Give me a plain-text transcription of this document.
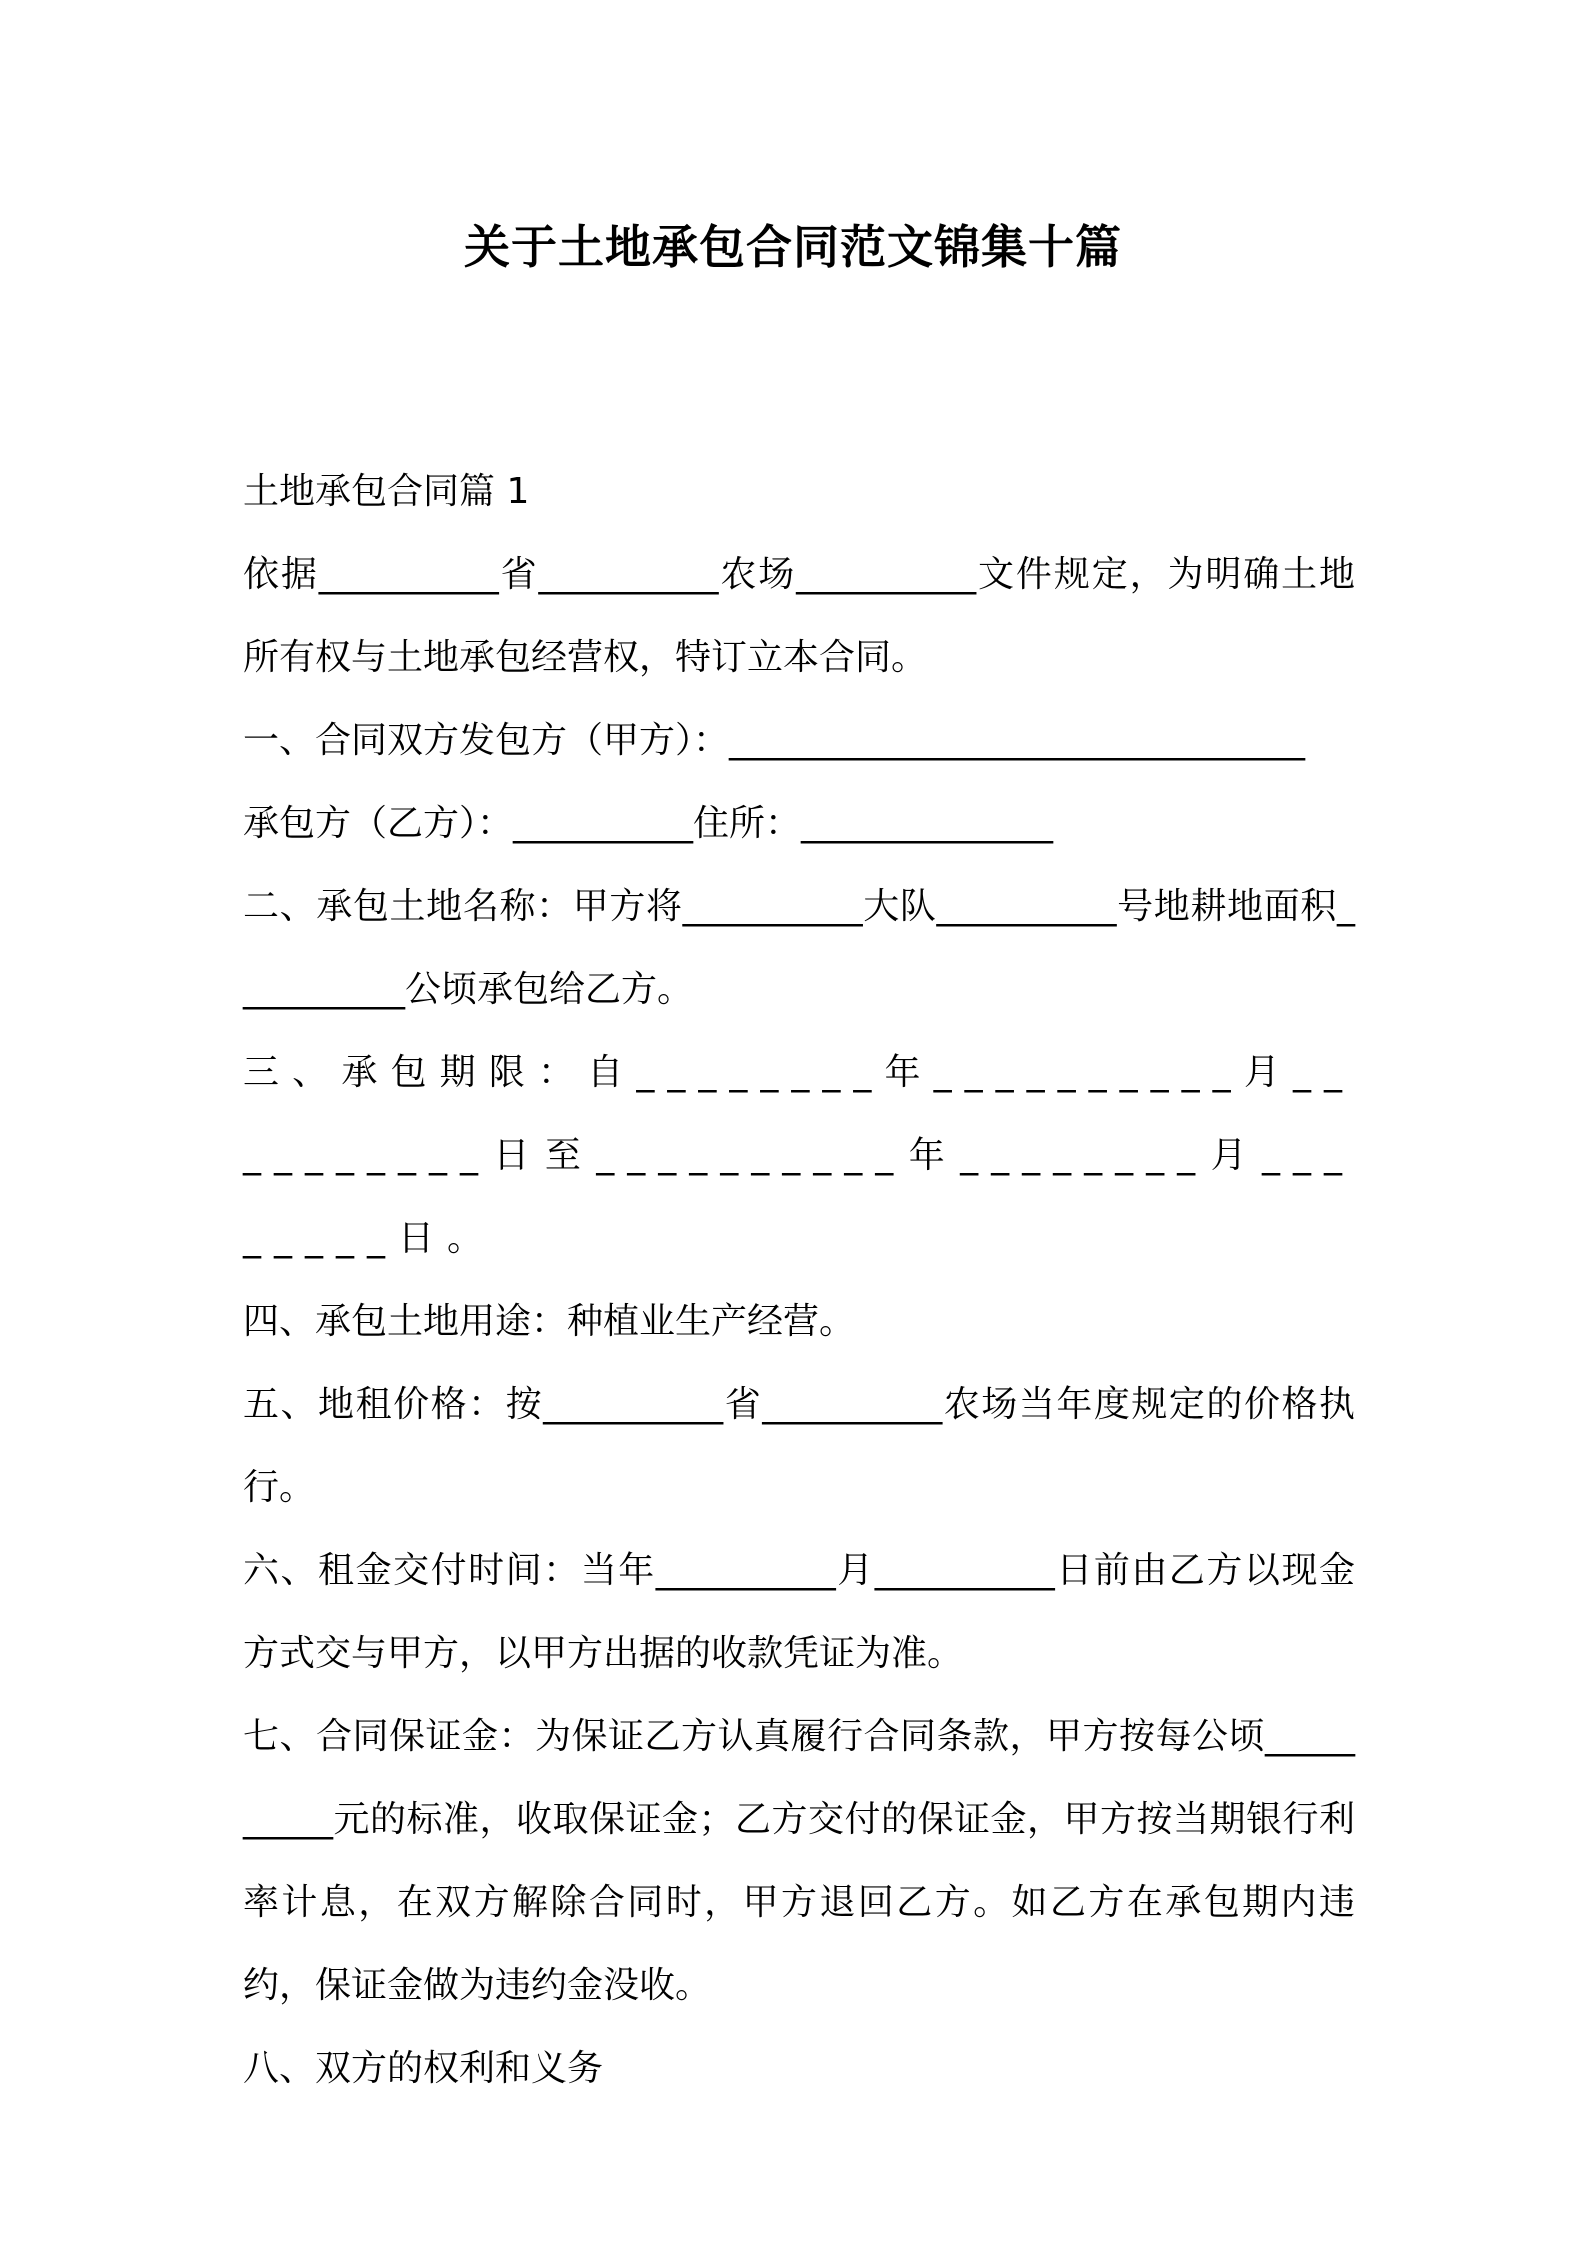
关于土地承包合同范文锦集十篇

土地承包合同篇 1

依据__________省__________农场__________文件规定，为明确土地所有权与土地承包经营权，特订立本合同。

一、合同双方发包方（甲方）：________________________________

承包方（乙方）：__________住所：______________

二、承包土地名称：甲方将__________大队__________号地耕地面积__________公顷承包给乙方。

三、承包期限：自________年__________月__________日至__________年________月________日。

四、承包土地用途：种植业生产经营。

五、地租价格：按__________省__________农场当年度规定的价格执行。

六、租金交付时间：当年__________月__________日前由乙方以现金方式交与甲方，以甲方出据的收款凭证为准。

七、合同保证金：为保证乙方认真履行合同条款，甲方按每公顷__________元的标准，收取保证金；乙方交付的保证金，甲方按当期银行利率计息，在双方解除合同时，甲方退回乙方。如乙方在承包期内违约，保证金做为违约金没收。

八、双方的权利和义务
